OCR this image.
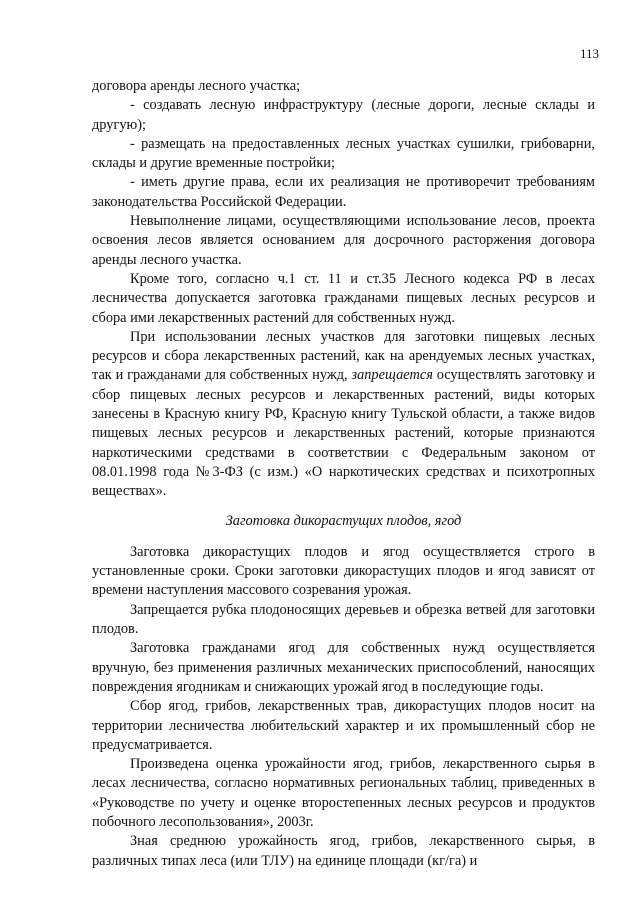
113

договора аренды лесного участка;

- создавать лесную инфраструктуру (лесные дороги, лесные склады и другую);

- размещать на предоставленных лесных участках сушилки, грибоварни, склады и другие временные постройки;

- иметь другие права, если их реализация не противоречит требованиям законодательства Российской Федерации.

Невыполнение лицами, осуществляющими использование лесов, проекта освоения лесов является основанием для досрочного расторжения договора аренды лесного участка.

Кроме того, согласно ч.1 ст. 11 и ст.35 Лесного кодекса РФ в лесах лесничества допускается заготовка гражданами пищевых лесных ресурсов и сбора ими лекарственных растений для собственных нужд.

При использовании лесных участков для заготовки пищевых лесных ресурсов и сбора лекарственных растений, как на арендуемых лесных участках, так и гражданами для собственных нужд, запрещается осуществлять заготовку и сбор пищевых лесных ресурсов и лекарственных растений, виды которых занесены в Красную книгу РФ, Красную книгу Тульской области, а также видов пищевых лесных ресурсов и лекарственных растений, которые признаются наркотическими средствами в соответствии с Федеральным законом от 08.01.1998 года №3-ФЗ (с изм.) «О наркотических средствах и психотропных веществах».

Заготовка дикорастущих плодов, ягод

Заготовка дикорастущих плодов и ягод осуществляется строго в установленные сроки. Сроки заготовки дикорастущих плодов и ягод зависят от времени наступления массового созревания урожая.

Запрещается рубка плодоносящих деревьев и обрезка ветвей для заготовки плодов.

Заготовка гражданами ягод для собственных нужд осуществляется вручную, без применения различных механических приспособлений, наносящих повреждения ягодникам и снижающих урожай ягод в последующие годы.

Сбор ягод, грибов, лекарственных трав, дикорастущих плодов носит на территории лесничества любительский характер и их промышленный сбор не предусматривается.

Произведена оценка урожайности ягод, грибов, лекарственного сырья в лесах лесничества, согласно нормативных региональных таблиц, приведенных в «Руководстве по учету и оценке второстепенных лесных ресурсов и продуктов побочного лесопользования», 2003г.

Зная среднюю урожайность ягод, грибов, лекарственного сырья, в различных типах леса (или ТЛУ) на единице площади (кг/га) и
